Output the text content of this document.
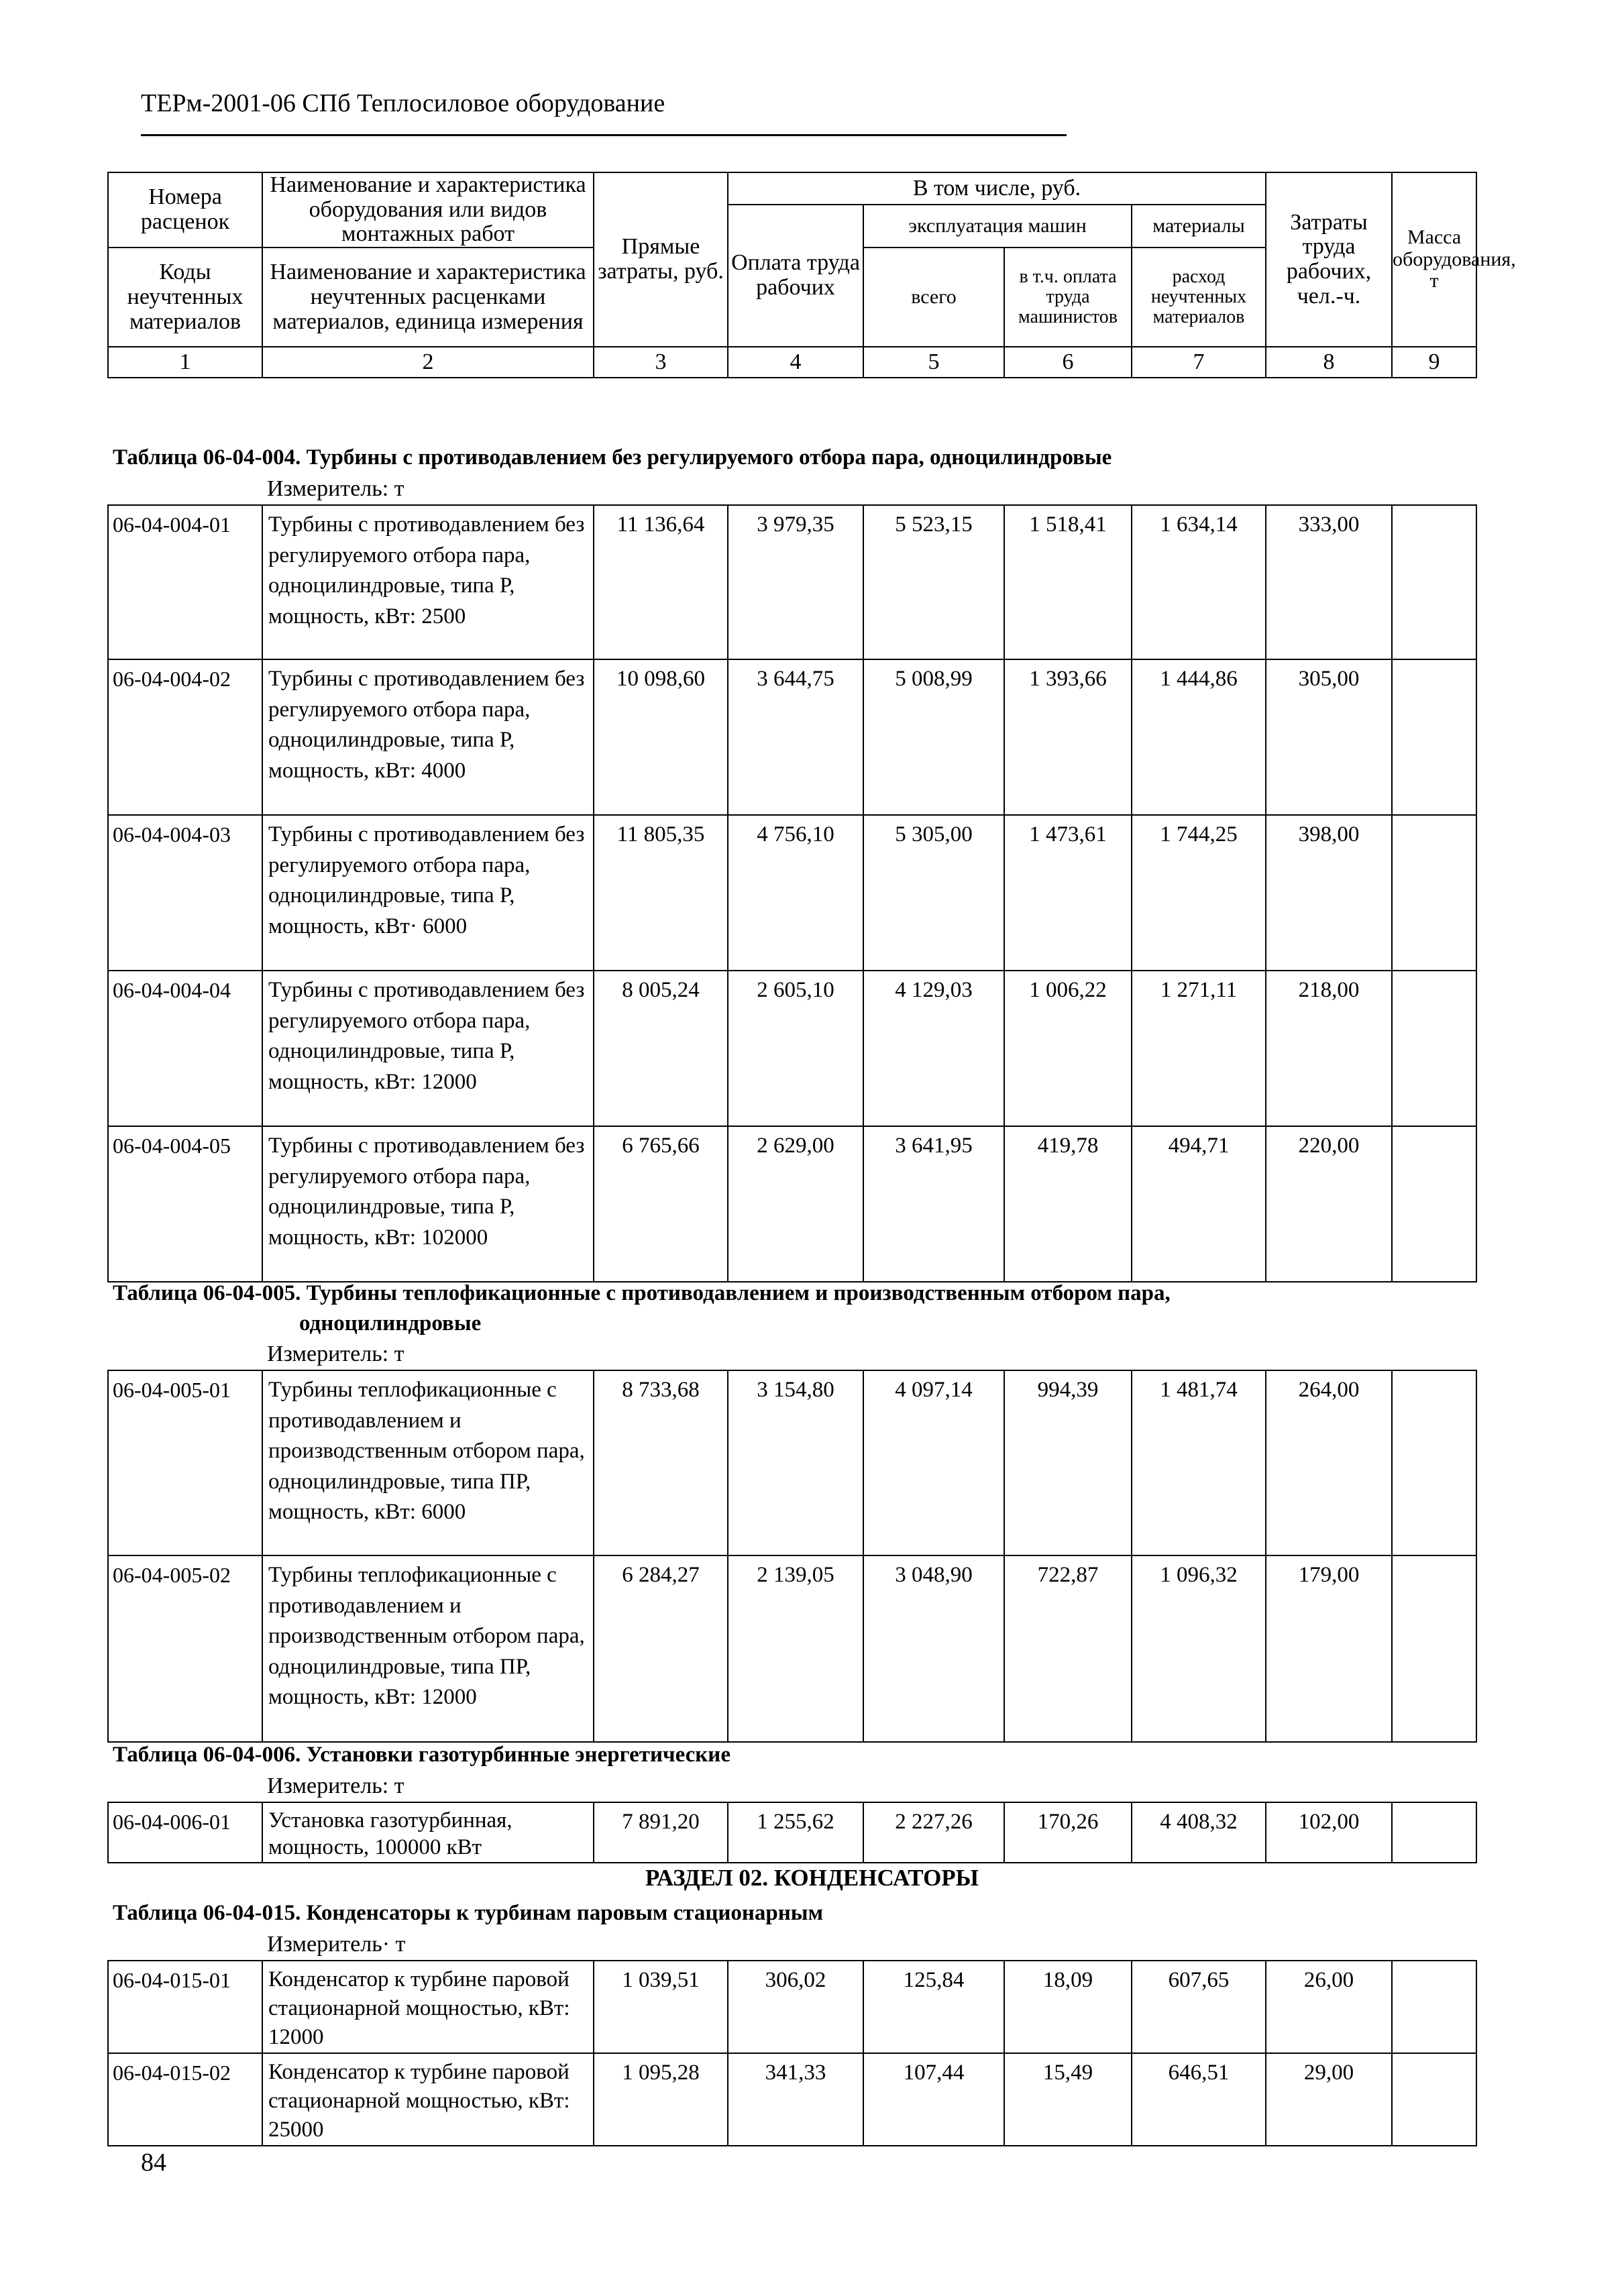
ТЕРм-2001-06 СПб Теплосиловое оборудование
Номера расценок	Наименование и характеристика оборудования или видов монтажных работ	Прямые затраты, руб.	В том числе, руб.				Затраты труда рабочих, чел.-ч.	Масса оборудования, т
			Оплата труда рабочих	эксплуатация машин		материалы		
Коды неучтенных материалов	Наименование и характеристика неучтенных расценками материалов, единица измерения			всего	в т.ч. оплата труда машинистов	расход неучтенных материалов		

1	2	3	4	5	6	7	8	9
Таблица 06-04-004. Турбины с противодавлением без регулируемого отбора пара, одноцилиндровые
Измеритель: т
06-04-004-01	Турбины с противодавлением без регулируемого отбора пара, одноцилиндровые, типа Р, мощность, кВт: 2500	11 136,64	3 979,35	5 523,15	1 518,41	1 634,14	333,00	
06-04-004-02	Турбины с противодавлением без регулируемого отбора пара, одноцилиндровые, типа Р, мощность, кВт: 4000	10 098,60	3 644,75	5 008,99	1 393,66	1 444,86	305,00	
06-04-004-03	Турбины с противодавлением без регулируемого отбора пара, одноцилиндровые, типа Р, мощность, кВт· 6000	11 805,35	4 756,10	5 305,00	1 473,61	1 744,25	398,00	
06-04-004-04	Турбины с противодавлением без регулируемого отбора пара, одноцилиндровые, типа Р, мощность, кВт: 12000	8 005,24	2 605,10	4 129,03	1 006,22	1 271,11	218,00	
06-04-004-05	Турбины с противодавлением без регулируемого отбора пара, одноцилиндровые, типа Р, мощность, кВт: 102000	6 765,66	2 629,00	3 641,95	419,78	494,71	220,00	
Таблица 06-04-005. Турбины теплофикационные с противодавлением и производственным отбором пара,
одноцилиндровые
Измеритель: т
06-04-005-01	Турбины теплофикационные с противодавлением и производственным отбором пара, одноцилиндровые, типа ПР, мощность, кВт: 6000	8 733,68	3 154,80	4 097,14	994,39	1 481,74	264,00	
06-04-005-02	Турбины теплофикационные с противодавлением и производственным отбором пара, одноцилиндровые, типа ПР, мощность, кВт: 12000	6 284,27	2 139,05	3 048,90	722,87	1 096,32	179,00	
Таблица 06-04-006. Установки газотурбинные энергетические
Измеритель: т
06-04-006-01	Установка газотурбинная, мощность, 100000 кВт	7 891,20	1 255,62	2 227,26	170,26	4 408,32	102,00	
РАЗДЕЛ 02. КОНДЕНСАТОРЫ
Таблица 06-04-015. Конденсаторы к турбинам паровым стационарным
Измеритель· т
06-04-015-01	Конденсатор к турбине паровой стационарной мощностью, кВт: 12000	1 039,51	306,02	125,84	18,09	607,65	26,00	
06-04-015-02	Конденсатор к турбине паровой стационарной мощностью, кВт: 25000	1 095,28	341,33	107,44	15,49	646,51	29,00	
84
